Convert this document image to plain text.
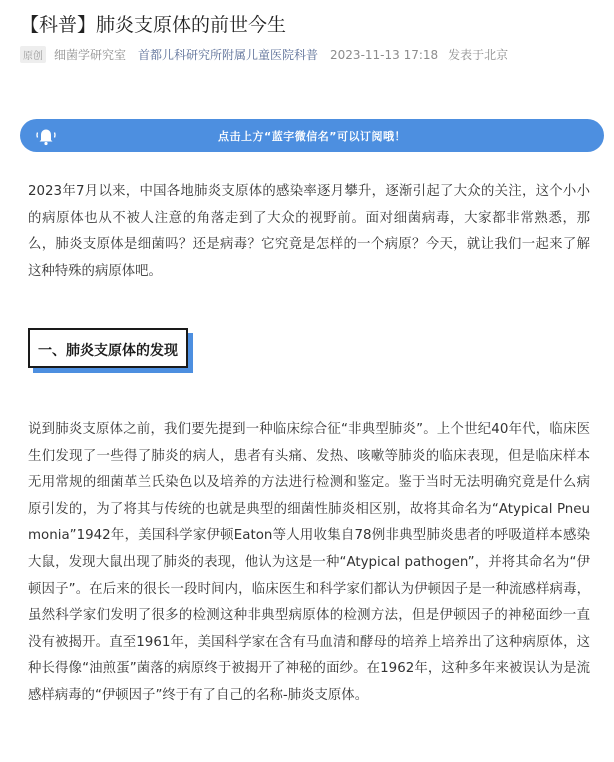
【科普】肺炎支原体的前世今生
原创 细菌学研究室 首都儿科研究所附属儿童医院科普 2023-11-13 17:18 发表于北京
点击上方“蓝字微信名”可以订阅哦！

2023年7月以来，中国各地肺炎支原体的感染率逐月攀升，逐渐引起了大众的关注，这个小小的病原体也从不被人注意的角落走到了大众的视野前。面对细菌病毒，大家都非常熟悉，那么，肺炎支原体是细菌吗？还是病毒？它究竟是怎样的一个病原？今天，就让我们一起来了解这种特殊的病原体吧。

一、肺炎支原体的发现

说到肺炎支原体之前，我们要先提到一种临床综合征“非典型肺炎”。上个世纪40年代，临床医生们发现了一些得了肺炎的病人，患者有头痛、发热、咳嗽等肺炎的临床表现，但是临床样本无用常规的细菌革兰氏染色以及培养的方法进行检测和鉴定。鉴于当时无法明确究竟是什么病原引发的，为了将其与传统的也就是典型的细菌性肺炎相区别，故将其命名为“Atypical Pneumonia”1942年，美国科学家伊顿Eaton等人用收集自78例非典型肺炎患者的呼吸道样本感染大鼠，发现大鼠出现了肺炎的表现，他认为这是一种“Atypical pathogen”，并将其命名为“伊顿因子”。在后来的很长一段时间内，临床医生和科学家们都认为伊顿因子是一种流感样病毒，虽然科学家们发明了很多的检测这种非典型病原体的检测方法，但是伊顿因子的神秘面纱一直没有被揭开。直至1961年，美国科学家在含有马血清和酵母的培养上培养出了这种病原体，这种长得像“油煎蛋”菌落的病原终于被揭开了神秘的面纱。在1962年，这种多年来被误认为是流感样病毒的“伊顿因子”终于有了自己的名称-肺炎支原体。
